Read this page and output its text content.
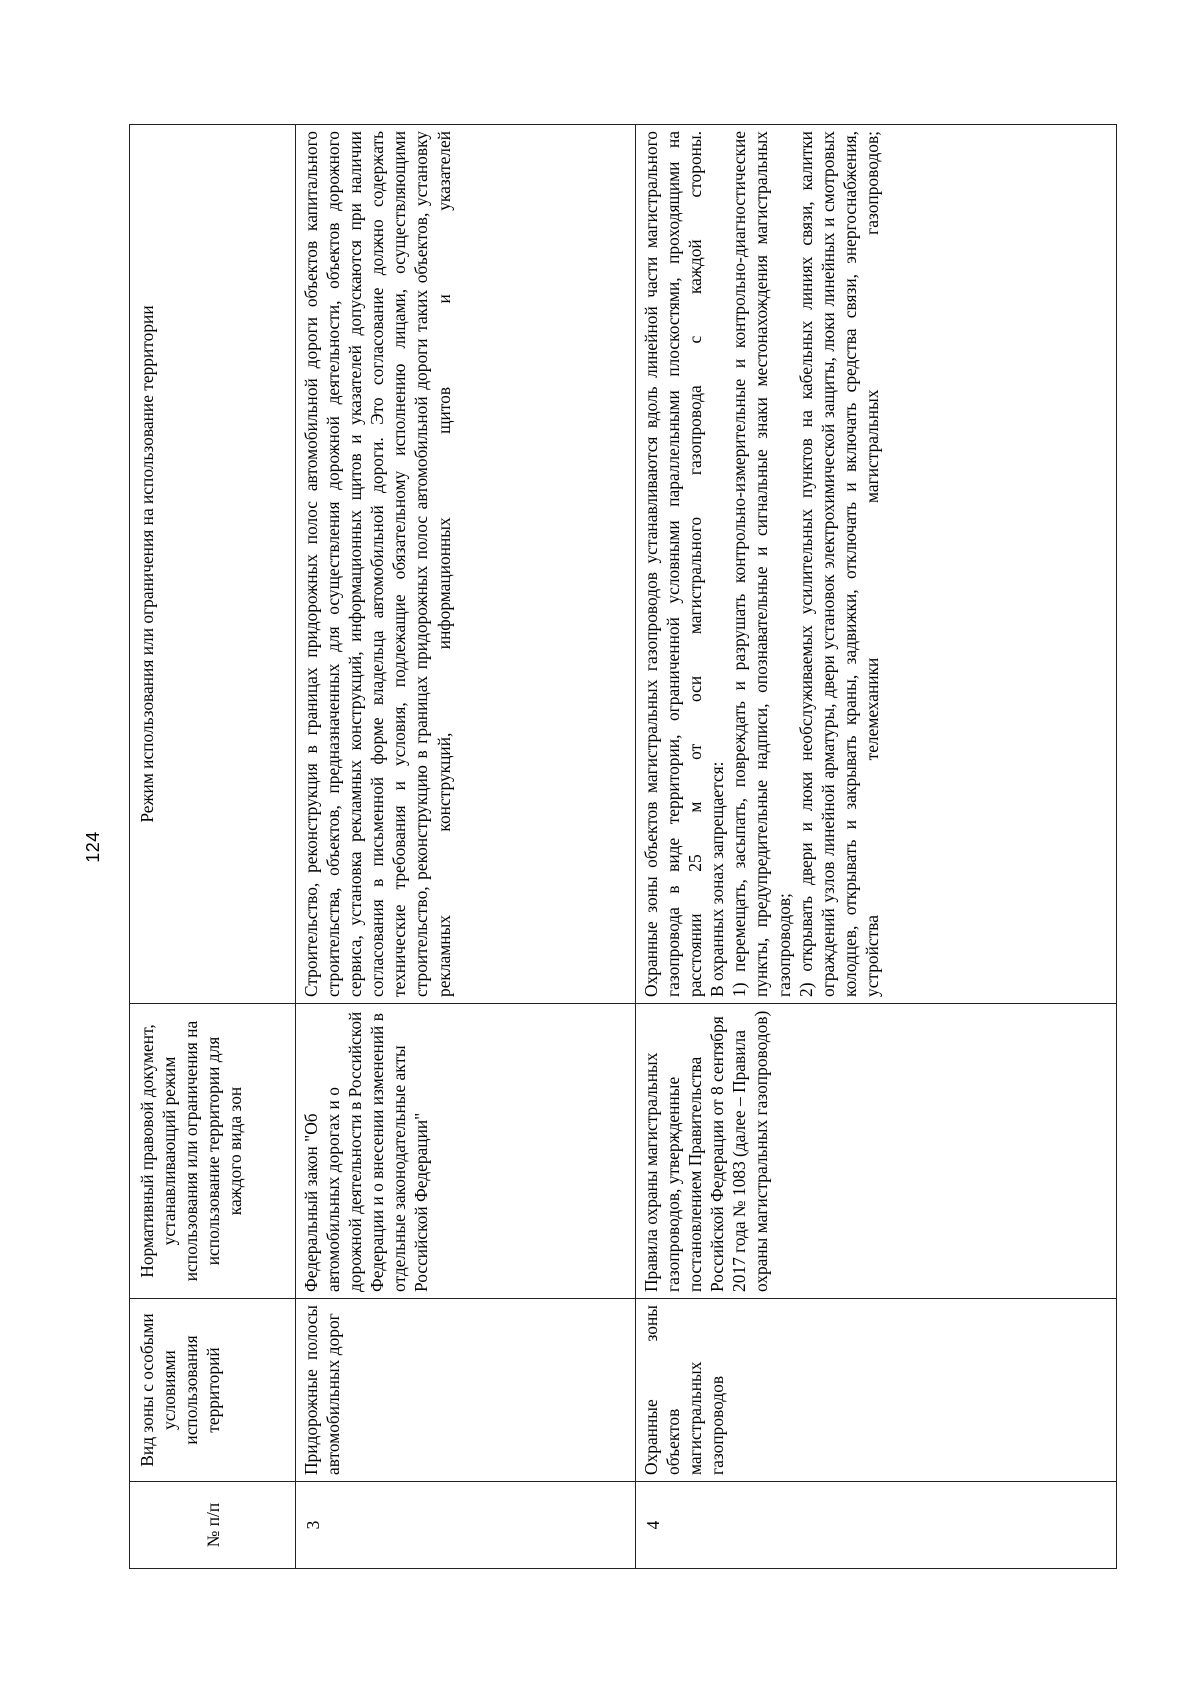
124
№ п/п	Вид зоны с особыми условиями использования территорий	Нормативный правовой документ, устанавливающий режим использования или ограничения на использование территории для каждого вида зон	Режим использования или ограничения на использование территории
3	Придорожные полосы автомобильных дорог	Федеральный закон "Об автомобильных дорогах и о дорожной деятельности в Российской Федерации и о внесении изменений в отдельные законодательные акты Российской Федерации"	Строительство, реконструкция в границах придорожных полос автомобильной дороги объектов капитального строительства, объектов, предназначенных для осуществления дорожной деятельности, объектов дорожного сервиса, установка рекламных конструкций, информационных щитов и указателей допускаются при наличии согласования в письменной форме владельца автомобильной дороги. Это согласование должно содержать технические требования и условия, подлежащие обязательному исполнению лицами, осуществляющими строительство, реконструкцию в границах придорожных полос автомобильной дороги таких объектов, установку рекламных конструкций, информационных щитов и указателей

4	Охранные зоны объектов магистральных газопроводов	Правила охраны магистральных газопроводов, утвержденные постановлением Правительства Российской Федерации от 8 сентября 2017 года № 1083 (далее – Правила охраны магистральных газопроводов)	Охранные зоны объектов магистральных газопроводов устанавливаются вдоль линейной части магистрального газопровода в виде территории, ограниченной условными параллельными плоскостями, проходящими на расстоянии 25 м от оси магистрального газопровода с каждой стороны. В охранных зонах запрещается: 1) перемещать, засыпать, повреждать и разрушать контрольно-измерительные и контрольно-диагностические пункты, предупредительные надписи, опознавательные и сигнальные знаки местонахождения магистральных газопроводов; 2) открывать двери и люки необслуживаемых усилительных пунктов на кабельных линиях связи, калитки ограждений узлов линейной арматуры, двери установок электрохимической защиты, люки линейных и смотровых колодцев, открывать и закрывать краны, задвижки, отключать и включать средства связи, энергоснабжения, устройства телемеханики магистральных газопроводов;
